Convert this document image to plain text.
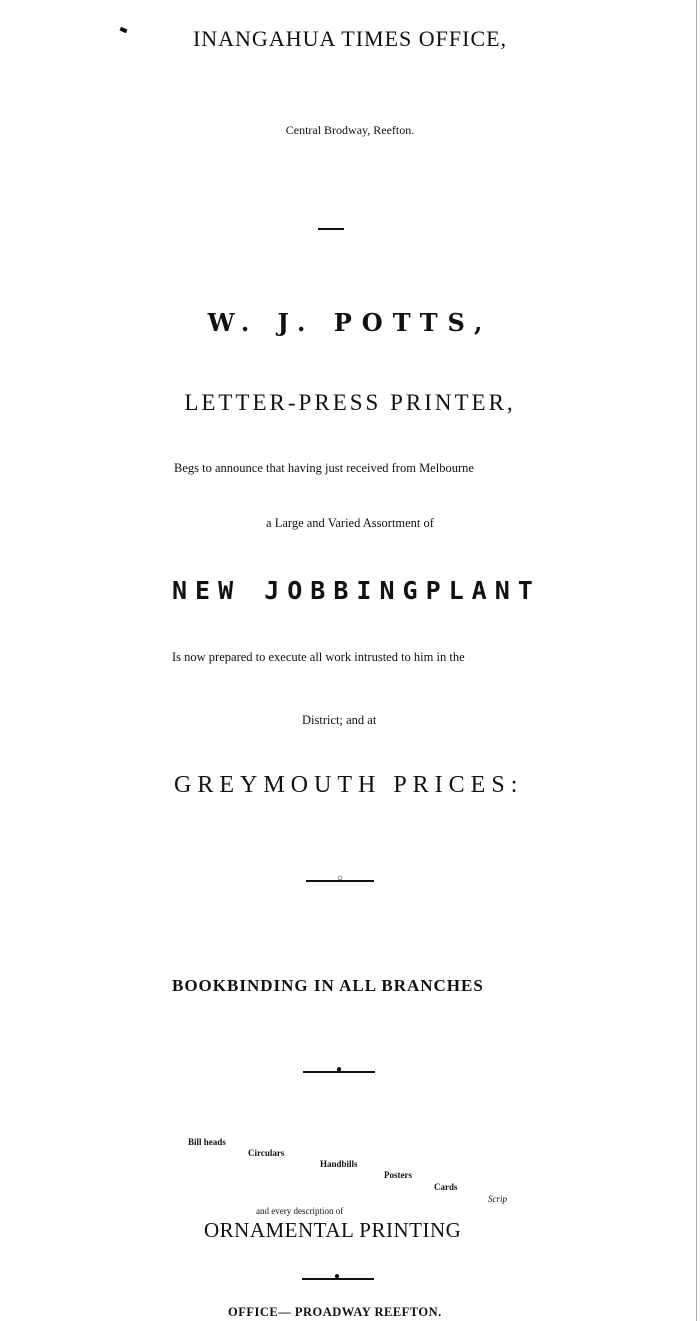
INANGAHUA TIMES OFFICE,
Central Brodway, Reefton.
W. J. POTTS,
LETTER-PRESS PRINTER,
Begs to announce that having just received from Melbourne
a Large and Varied Assortment of
NEW JOBBINGPLANT
Is now prepared to execute all work intrusted to him in the
District; and at
GREYMOUTH PRICES:
○
BOOKBINDING IN ALL BRANCHES
●
Bill heads
Circulars
Handbills
Posters
Cards
Scrip
and every description of
ORNAMENTAL PRINTING
●
OFFICE— PROADWAY REEFTON.
